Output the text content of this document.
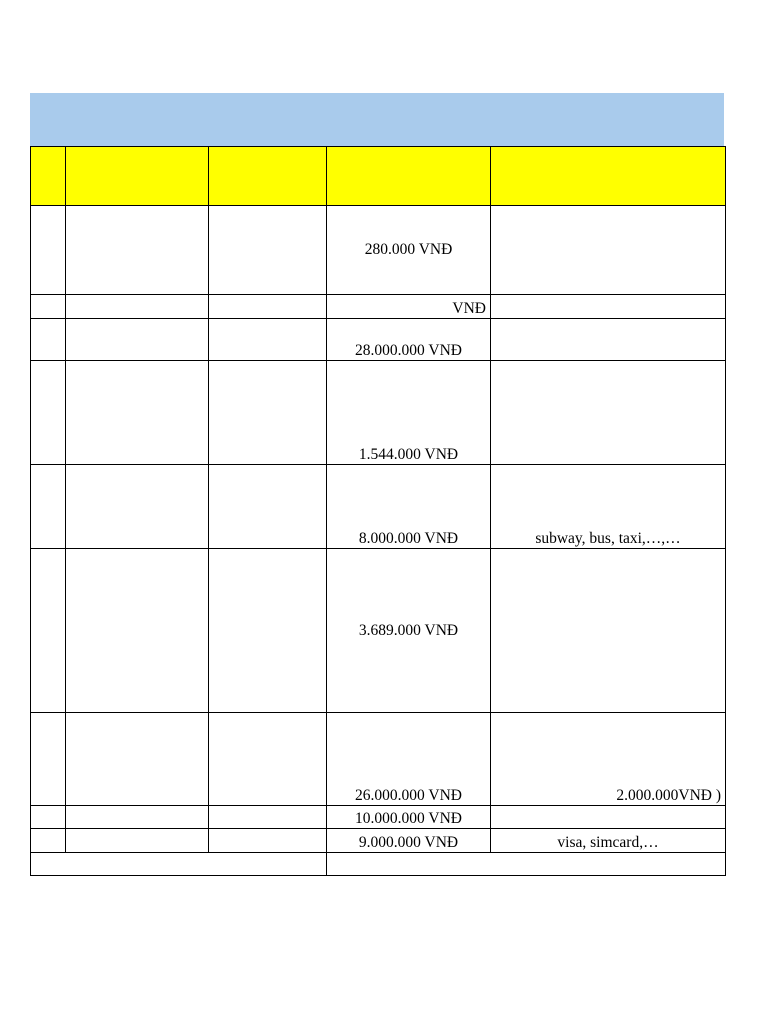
			280.000 VNĐ	
			VNĐ	
			28.000.000 VNĐ	
			1.544.000 VNĐ	
			8.000.000 VNĐ	subway, bus, taxi,…,…
			3.689.000 VNĐ	
			26.000.000 VNĐ	2.000.000VNĐ )
			10.000.000 VNĐ	
			9.000.000 VNĐ	visa, simcard,…
